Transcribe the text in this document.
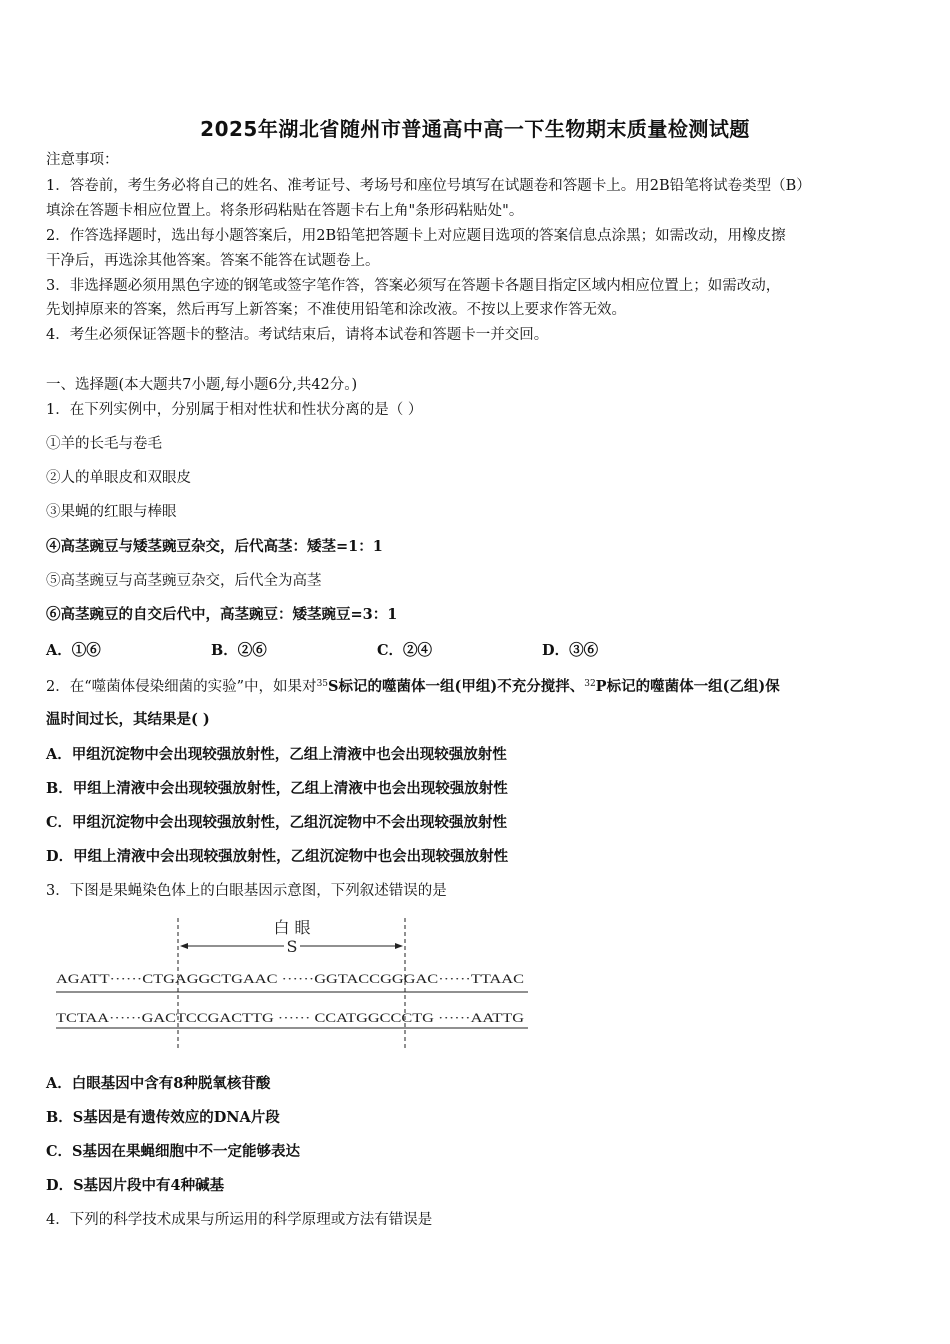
2025年湖北省随州市普通高中高一下生物期末质量检测试题
注意事项：
1．答卷前，考生务必将自己的姓名、准考证号、考场号和座位号填写在试题卷和答题卡上。用2B铅笔将试卷类型（B）
填涂在答题卡相应位置上。将条形码粘贴在答题卡右上角"条形码粘贴处"。
2．作答选择题时，选出每小题答案后，用2B铅笔把答题卡上对应题目选项的答案信息点涂黑；如需改动，用橡皮擦
干净后，再选涂其他答案。答案不能答在试题卷上。
3．非选择题必须用黑色字迹的钢笔或签字笔作答，答案必须写在答题卡各题目指定区域内相应位置上；如需改动，
先划掉原来的答案，然后再写上新答案；不准使用铅笔和涂改液。不按以上要求作答无效。
4．考生必须保证答题卡的整洁。考试结束后，请将本试卷和答题卡一并交回。
一、选择题(本大题共7小题,每小题6分,共42分。)
1．在下列实例中，分别属于相对性状和性状分离的是（ ）
①羊的长毛与卷毛
②人的单眼皮和双眼皮
③果蝇的红眼与棒眼
④高茎豌豆与矮茎豌豆杂交，后代高茎：矮茎=1：1
⑤高茎豌豆与高茎豌豆杂交，后代全为高茎
⑥高茎豌豆的自交后代中，高茎豌豆：矮茎豌豆=3：1
A．①⑥	B．②⑥	C．②④	D．③⑥
2．在“噬菌体侵染细菌的实验”中，如果对$^{35}$S标记的噬菌体一组(甲组)不充分搅拌、$^{32}$P标记的噬菌体一组(乙组)保
温时间过长，其结果是( )
A．甲组沉淀物中会出现较强放射性，乙组上清液中也会出现较强放射性
B．甲组上清液中会出现较强放射性，乙组上清液中也会出现较强放射性
C．甲组沉淀物中会出现较强放射性，乙组沉淀物中不会出现较强放射性
D．甲组上清液中会出现较强放射性，乙组沉淀物中也会出现较强放射性
3．下图是果蝇染色体上的白眼基因示意图，下列叙述错误的是
白 眼
S
AGATT······CTGAGGCTGAAC ······GGTACCGGGAC······TTAAC
TCTAA······GACTCCGACTTG ······ CCATGGCCCTG ······AATTG
A．白眼基因中含有8种脱氧核苷酸
B．S基因是有遗传效应的DNA片段
C．S基因在果蝇细胞中不一定能够表达
D．S基因片段中有4种碱基
4．下列的科学技术成果与所运用的科学原理或方法有错误是
